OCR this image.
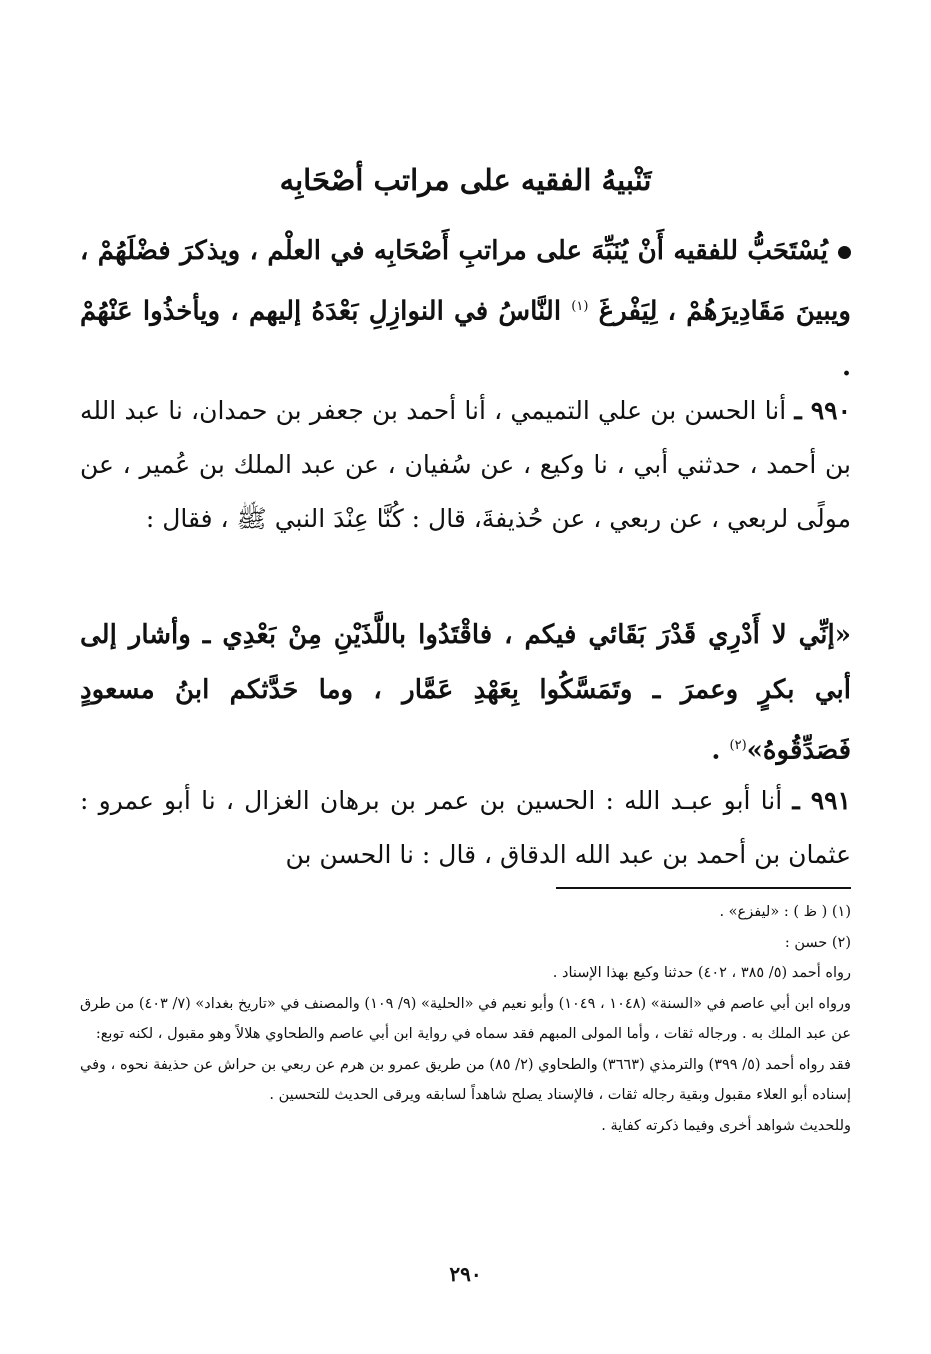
تَنْبيهُ الفقيه على مراتب أصْحَابِه
يُسْتَحَبُّ للفقيه أَنْ يُنَبِّهَ على مراتبِ أَصْحَابِه في العلْم ، ويذكرَ فضْلَهُمْ ، ويبينَ مَقَادِيرَهُمْ ، لِيَفْرغَ $^{(١)}$ النَّاسُ في النوازِلِ بَعْدَهُ إليهم ، ويأخذُوا عَنْهُمْ .
٩٩٠ ـ أنا الحسن بن علي التميمي ، أنا أحمد بن جعفر بن حمدان، نا عبد الله بن أحمد ، حدثني أبي ، نا وكيع ، عن سُفيان ، عن عبد الملك بن عُمير ، عن مولًى لربعي ، عن ربعي ، عن حُذيفةَ، قال : كُنَّا عِنْدَ النبي ﷺ ، فقال :
«إنِّي لا أَدْرِي قَدْرَ بَقَائي فيكم ، فاقْتَدُوا باللَّذَيْنِ مِنْ بَعْدِي ـ وأشار إلى أبي بكرٍ وعمرَ ـ وتَمَسَّكُوا بِعَهْدِ عَمَّار ، وما حَدَّثكم ابنُ مسعودٍ فَصَدِّقُوهُ»$^{(٢)}$ .
٩٩١ ـ أنا أبو عبـد الله : الحسين بن عمر بن برهان الغزال ، نا أبو عمرو : عثمان بن أحمد بن عبد الله الدقاق ، قال : نا الحسن بن

(١) ( ظ ) : «ليفزع» .

(٢) حسن :

رواه أحمد (٥/ ٣٨٥ ، ٤٠٢) حدثنا وكيع بهذا الإسناد .

ورواه ابن أبي عاصم في «السنة» (١٠٤٨ ، ١٠٤٩) وأبو نعيم في «الحلية» (٩/ ١٠٩) والمصنف في «تاريخ بغداد» (٧/ ٤٠٣) من طرق عن عبد الملك به . ورجاله ثقات ، وأما المولى المبهم فقد سماه في رواية ابن أبي عاصم والطحاوي هلالاً وهو مقبول ، لكنه توبع:

فقد رواه أحمد (٥/ ٣٩٩) والترمذي (٣٦٦٣) والطحاوي (٢/ ٨٥) من طريق عمرو بن هرم عن ربعي بن حراش عن حذيفة نحوه ، وفي إسناده أبو العلاء مقبول وبقية رجاله ثقات ، فالإسناد يصلح شاهداً لسابقه ويرقى الحديث للتحسين .

وللحديث شواهد أخرى وفيما ذكرته كفاية .

٢٩٠
